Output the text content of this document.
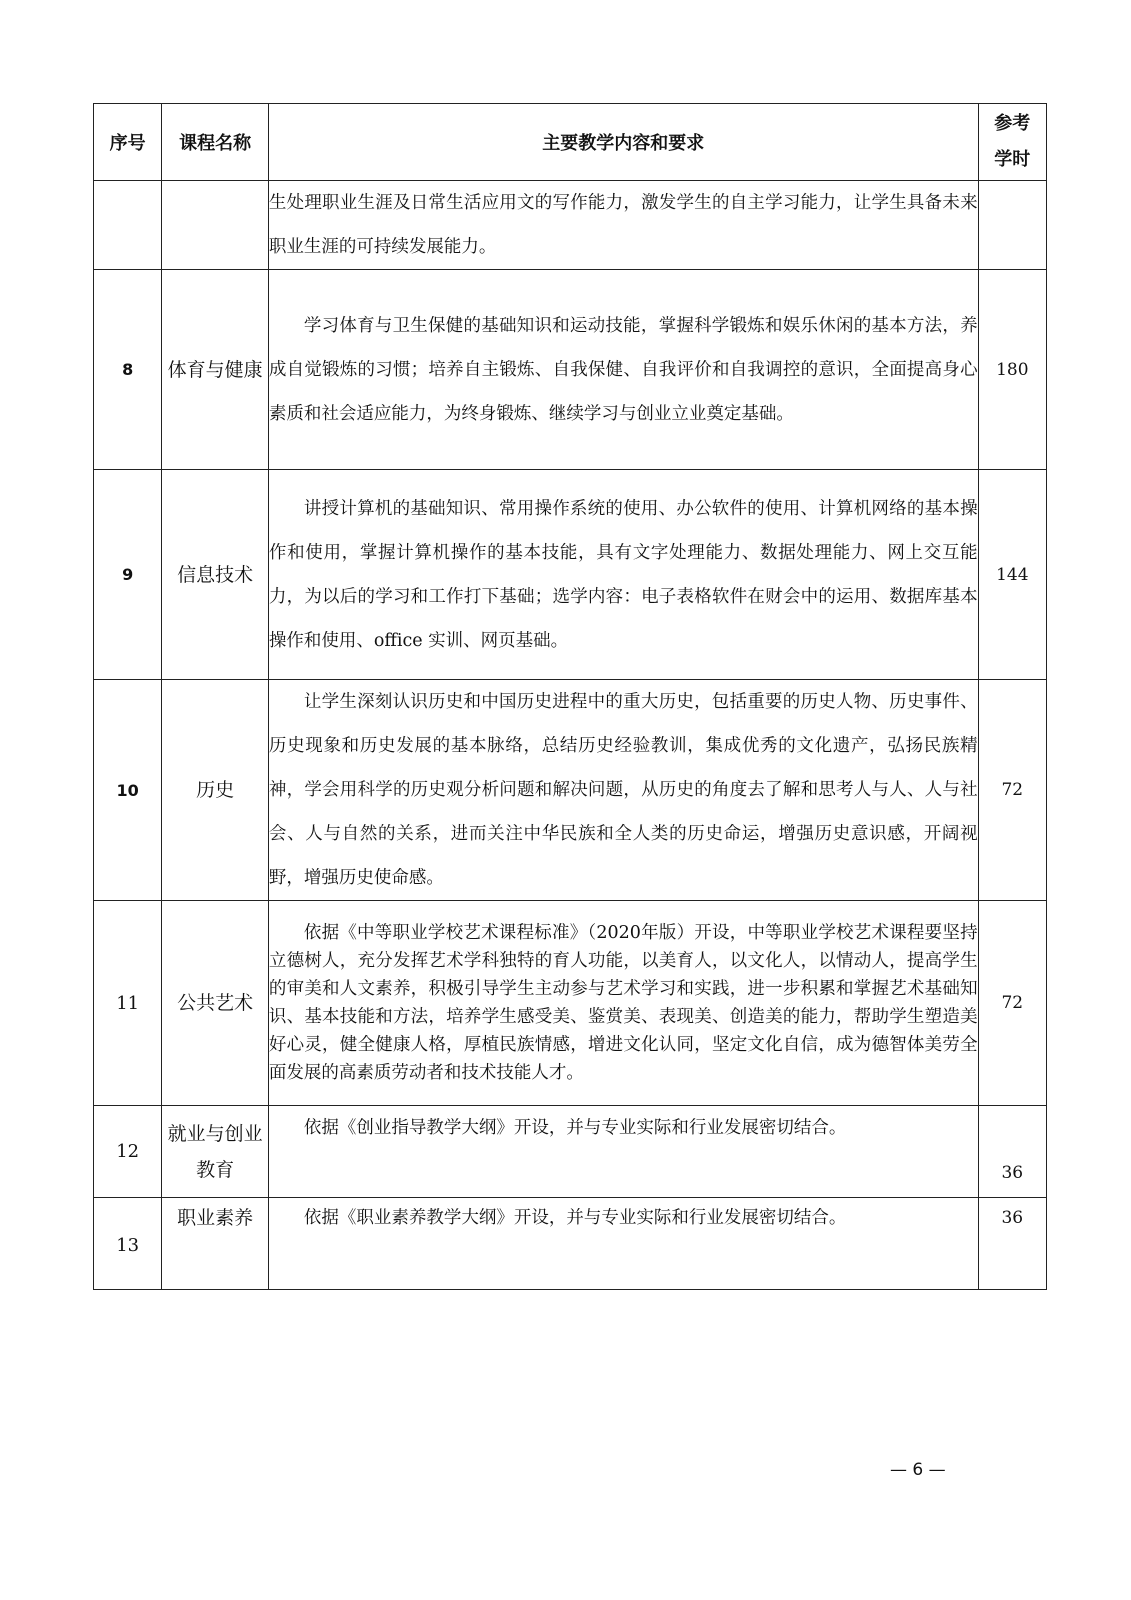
序号	课程名称	主要教学内容和要求	参考
学时

		生处理职业生涯及日常生活应用文的写作能力，激发学生的自主学习能力，让学生具备未来职业生涯的可持续发展能力。	

8	体育与健康	学习体育与卫生保健的基础知识和运动技能，掌握科学锻炼和娱乐休闲的基本方法，养成自觉锻炼的习惯；培养自主锻炼、自我保健、自我评价和自我调控的意识，全面提高身心素质和社会适应能力，为终身锻炼、继续学习与创业立业奠定基础。	180
9	信息技术	讲授计算机的基础知识、常用操作系统的使用、办公软件的使用、计算机网络的基本操作和使用，掌握计算机操作的基本技能，具有文字处理能力、数据处理能力、网上交互能力，为以后的学习和工作打下基础；选学内容：电子表格软件在财会中的运用、数据库基本操作和使用、office 实训、网页基础。	144
10	历史	让学生深刻认识历史和中国历史进程中的重大历史，包括重要的历史人物、历史事件、历史现象和历史发展的基本脉络，总结历史经验教训，集成优秀的文化遗产，弘扬民族精神，学会用科学的历史观分析问题和解决问题，从历史的角度去了解和思考人与人、人与社会、人与自然的关系，进而关注中华民族和全人类的历史命运，增强历史意识感，开阔视野，增强历史使命感。	72
11	公共艺术	依据《中等职业学校艺术课程标准》（2020年版）开设，中等职业学校艺术课程要坚持立德树人，充分发挥艺术学科独特的育人功能，以美育人，以文化人，以情动人，提高学生的审美和人文素养，积极引导学生主动参与艺术学习和实践，进一步积累和掌握艺术基础知识、基本技能和方法，培养学生感受美、鉴赏美、表现美、创造美的能力，帮助学生塑造美好心灵，健全健康人格，厚植民族情感，增进文化认同，坚定文化自信，成为德智体美劳全面发展的高素质劳动者和技术技能人才。	72
12	就业与创业教育	依据《创业指导教学大纲》开设，并与专业实际和行业发展密切结合。	36
13	职业素养	依据《职业素养教学大纲》开设，并与专业实际和行业发展密切结合。	36
— 6 —
